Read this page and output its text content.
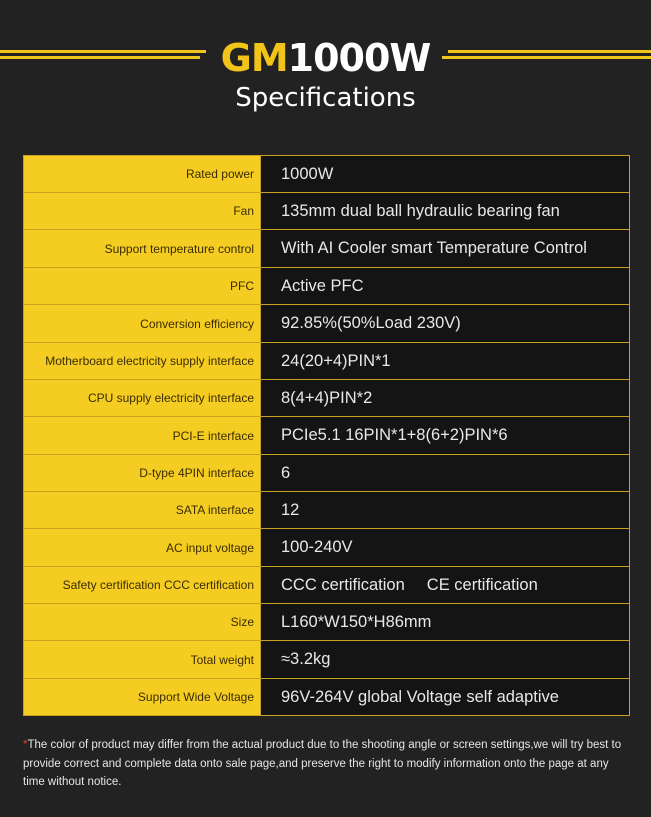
GM1000W
Specifications
Rated power	1000W
Fan	135mm dual ball hydraulic bearing fan
Support temperature control	With AI Cooler smart Temperature Control
PFC	Active PFC
Conversion efficiency	92.85%(50%Load 230V)
Motherboard electricity supply interface	24(20+4)PIN*1
CPU supply electricity interface	8(4+4)PIN*2
PCI-E interface	PCIe5.1 16PIN*1+8(6+2)PIN*6
D-type 4PIN interface	6
SATA interface	12
AC input voltage	100-240V
Safety certification CCC certification	CCC certification CE certification
Size	L160*W150*H86mm
Total weight	≈3.2kg
Support Wide Voltage	96V-264V global Voltage self adaptive
*The color of product may differ from the actual product due to the shooting angle or screen settings,we will try best to provide correct and complete data onto sale page,and preserve the right to modify information onto the page at any time without notice.
